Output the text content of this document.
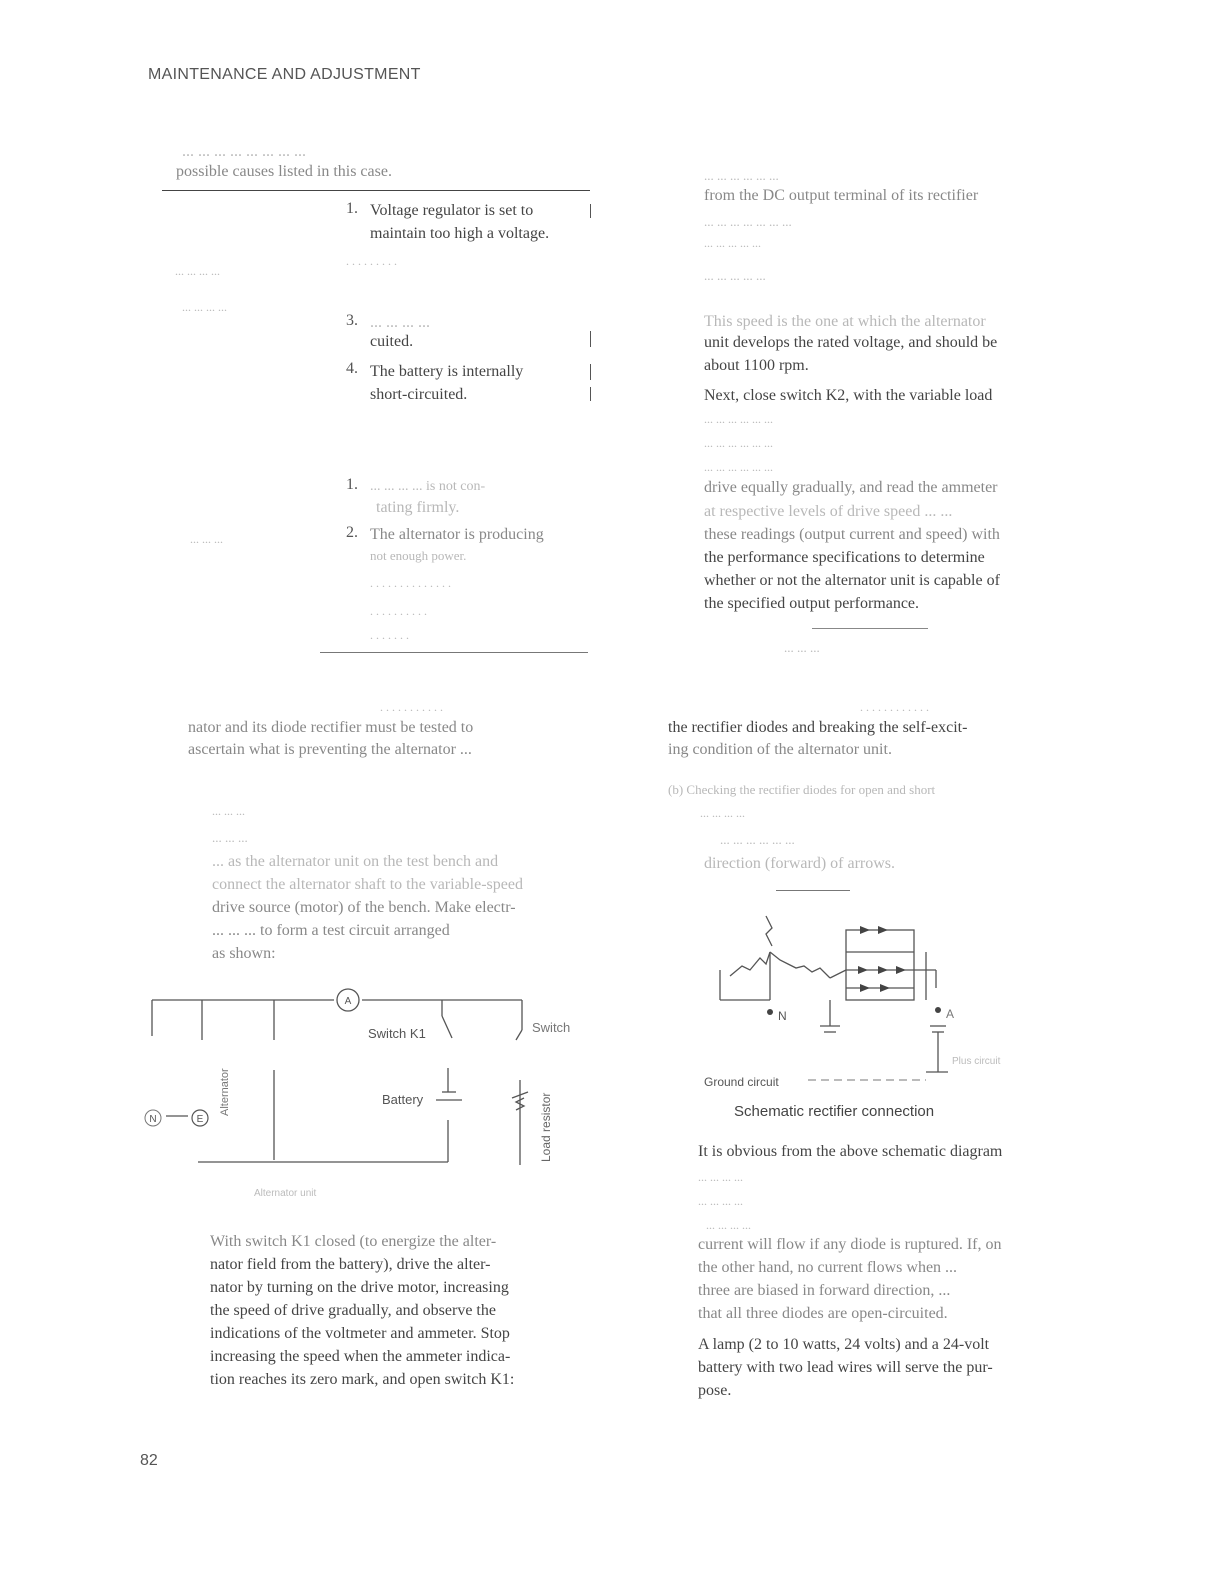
MAINTENANCE AND ADJUSTMENT
... ... ... ... ... ... ... ...
possible causes listed in this case.
... ... ... ...
... ... ... ...
... ... ...
1. Voltage regulator is set to
maintain too high a voltage.
. . . . . . . . .
3. ... ... ... ...
cuited.
4. The battery is internally
short-circuited.
1. ... ... ... ... is not con-
tating firmly.
2. The alternator is producing
not enough power.
. . . . . . . . . . . . . .
. . . . . . . . . .
. . . . . . .
... ... ... ... ... ...
from the DC output terminal of its rectifier
... ... ... ... ... ... ...
... ... ... ... ...
... ... ... ... ...
This speed is the one at which the alternator
unit develops the rated voltage, and should be
about 1100 rpm.
Next, close switch K2, with the variable load
... ... ... ... ... ...
... ... ... ... ... ...
... ... ... ... ... ...
drive equally gradually, and read the ammeter
at respective levels of drive speed ... ...
these readings (output current and speed) with
the performance specifications to determine
whether or not the alternator unit is capable of
the specified output performance.
... ... ...
. . . . . . . . . . .
nator and its diode rectifier must be tested to
ascertain what is preventing the alternator ...
... ... ...
... ... ...
... as the alternator unit on the test bench and
connect the alternator shaft to the variable-speed
drive source (motor) of the bench. Make electr-
... ... ... to form a test circuit arranged
as shown:
. . . . . . . . . . . .
the rectifier diodes and breaking the self-excit-
ing condition of the alternator unit.
(b) Checking the rectifier diodes for open and short
... ... ... ...
... ... ... ... ... ...
direction (forward) of arrows.
A
N	E
Switch K1	Switch
Battery	Load resistor
Alternator
Alternator unit
N	A
Ground circuit
Plus circuit
Schematic rectifier connection
With switch K1 closed (to energize the alter-
nator field from the battery), drive the alter-
nator by turning on the drive motor, increasing
the speed of drive gradually, and observe the
indications of the voltmeter and ammeter. Stop
increasing the speed when the ammeter indica-
tion reaches its zero mark, and open switch K1:
It is obvious from the above schematic diagram
... ... ... ...
... ... ... ...
... ... ... ...
current will flow if any diode is ruptured. If, on
the other hand, no current flows when ...
three are biased in forward direction, ...
that all three diodes are open-circuited.
A lamp (2 to 10 watts, 24 volts) and a 24-volt
battery with two lead wires will serve the pur-
pose.
82
